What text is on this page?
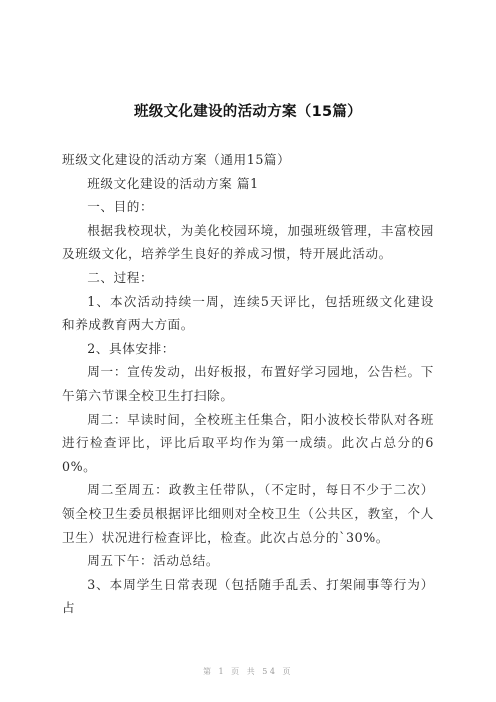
班级文化建设的活动方案（15篇）

班级文化建设的活动方案（通用15篇）

班级文化建设的活动方案 篇1

一、目的：

根据我校现状，为美化校园环境，加强班级管理，丰富校园及班级文化，培养学生良好的养成习惯，特开展此活动。

二、过程：

1、本次活动持续一周，连续5天评比，包括班级文化建设和养成教育两大方面。

2、具体安排：

周一：宣传发动，出好板报，布置好学习园地，公告栏。下午第六节课全校卫生打扫除。

周二：早读时间，全校班主任集合，阳小波校长带队对各班进行检查评比，评比后取平均作为第一成绩。此次占总分的60%。

周二至周五：政教主任带队，（不定时，每日不少于二次）领全校卫生委员根据评比细则对全校卫生（公共区，教室，个人卫生）状况进行检查评比，检查。此次占总分的`30%。

周五下午：活动总结。

3、本周学生日常表现（包括随手乱丢、打架闹事等行为）占

第 1 页 共 54 页
